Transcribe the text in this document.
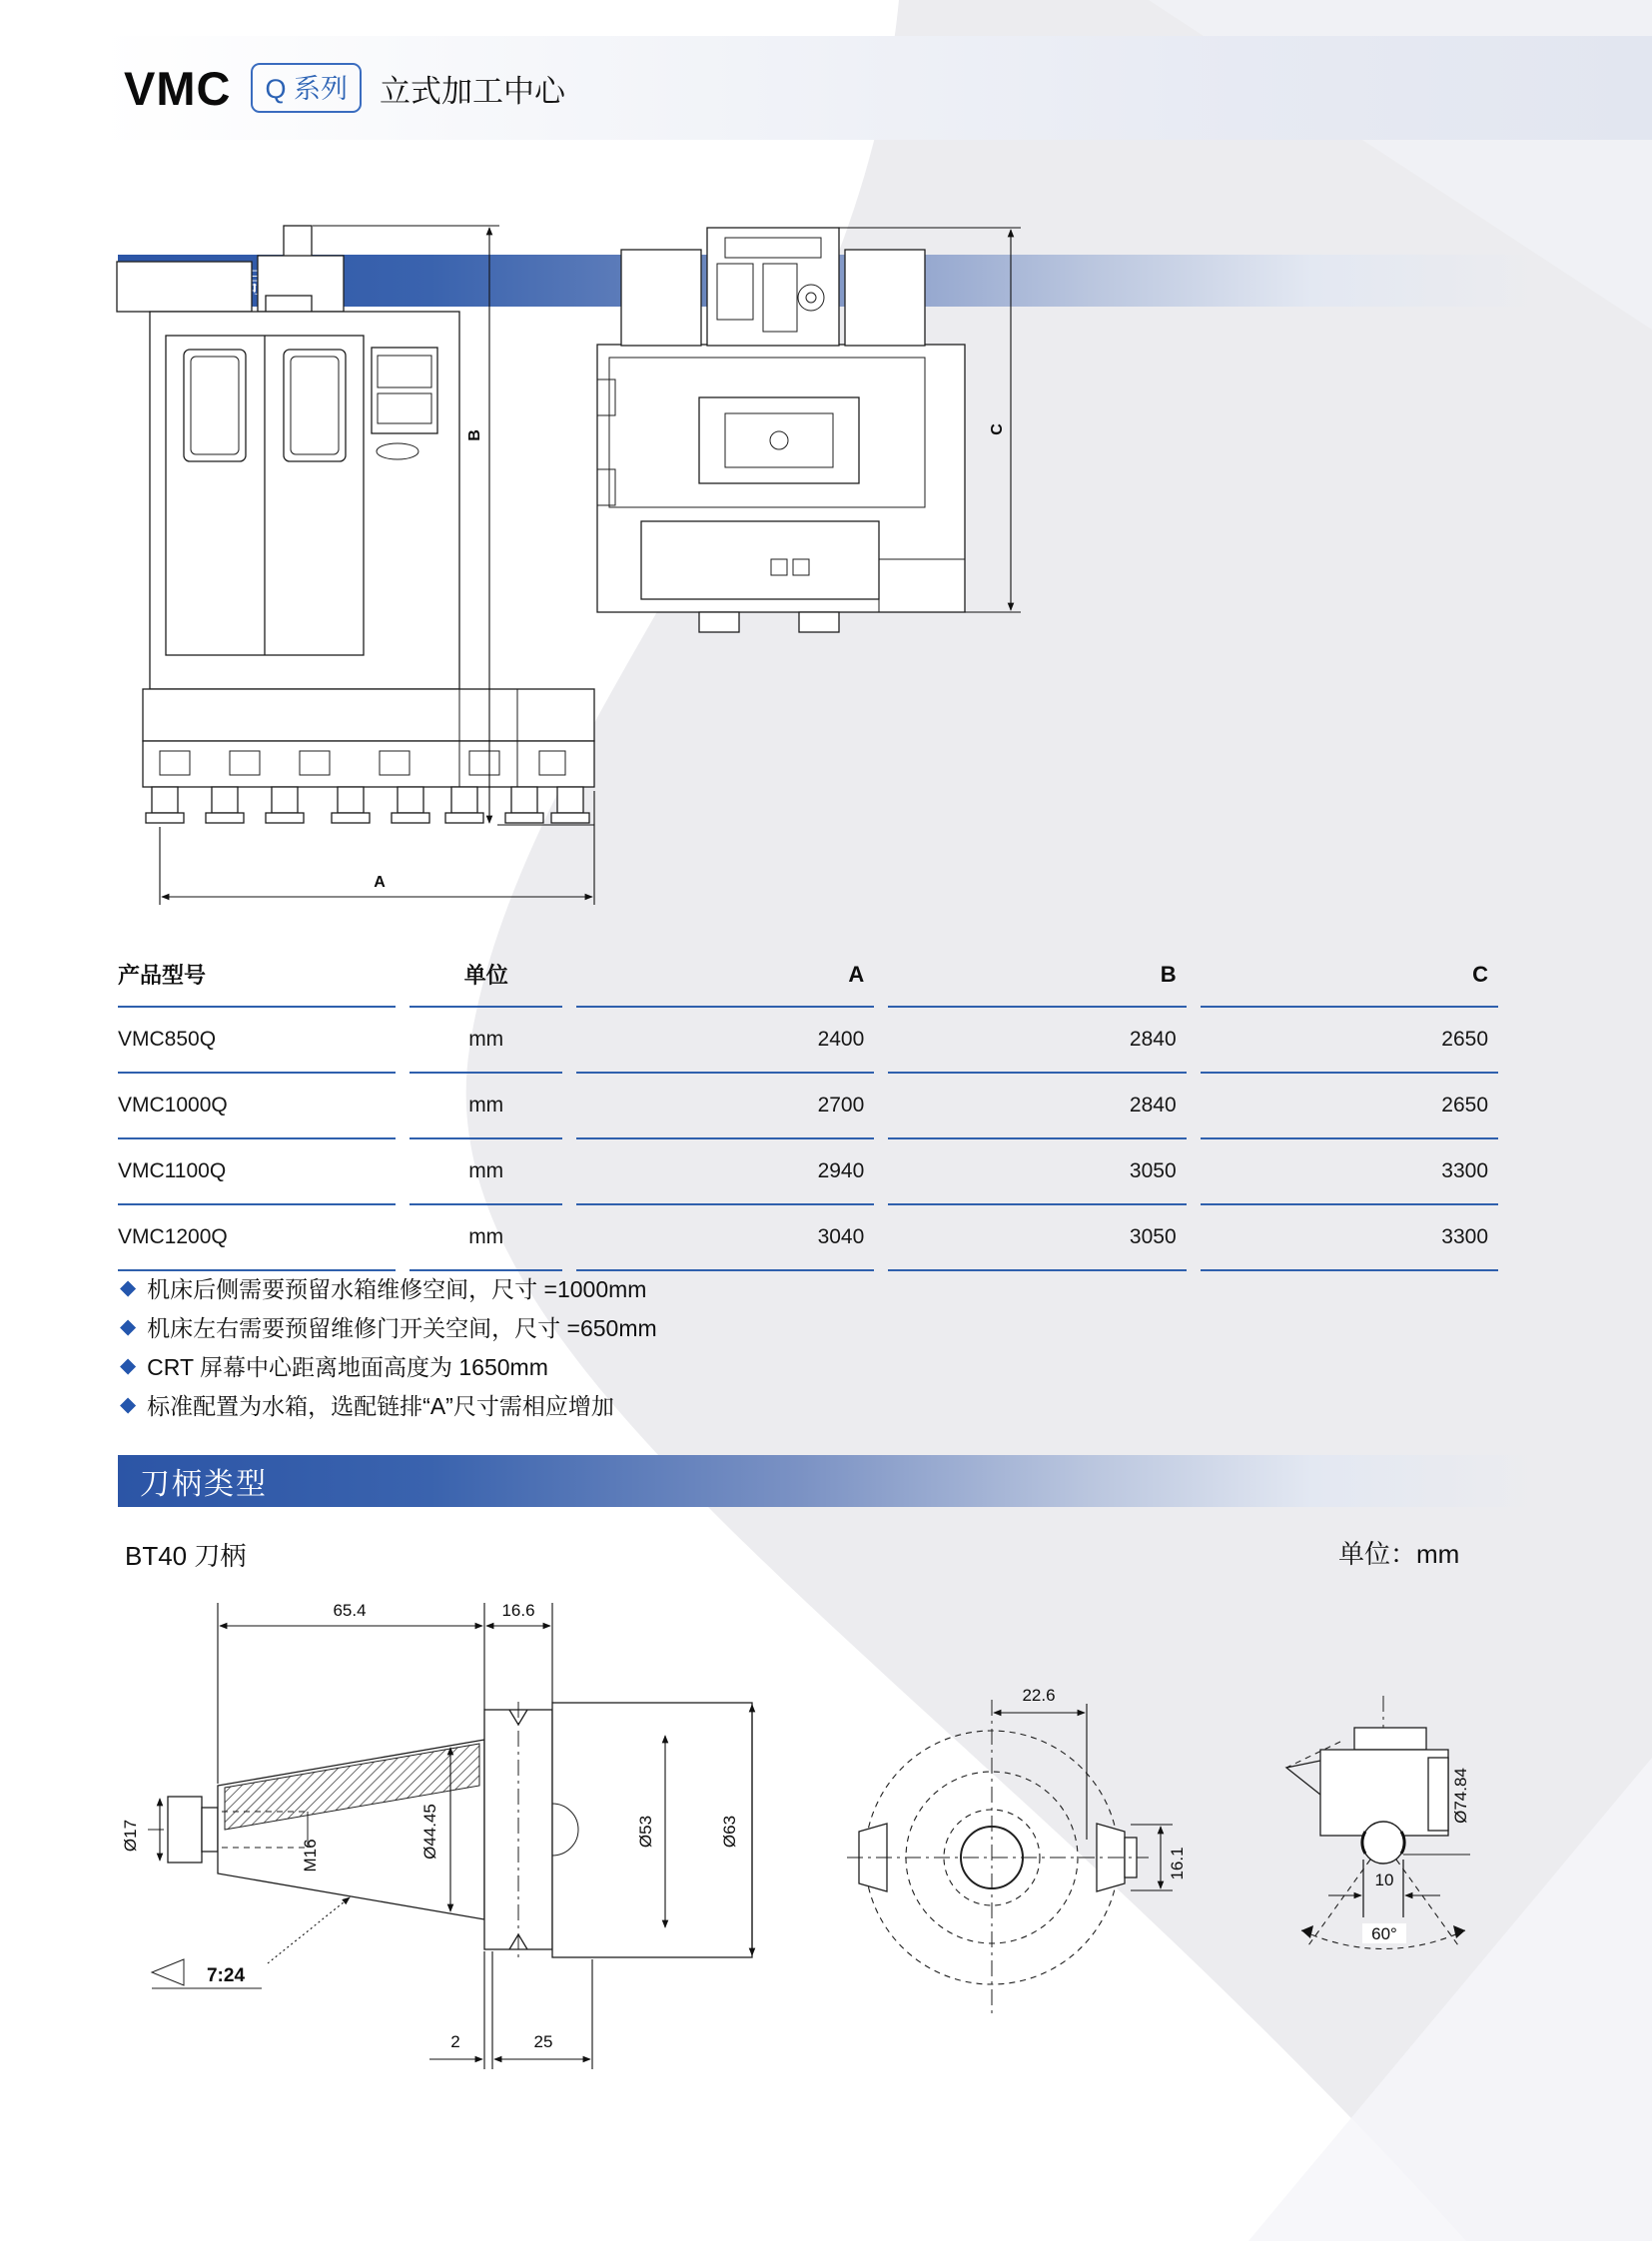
VMC	Q 系列	立式加工中心
B
A
C
65.4	16.6
Ø17
M16	Ø44.45	Ø53	Ø63
7:24
2	25
22.6
16.1	10
60°
Ø74.84
产品型号	单位	A	B	C
VMC850Q	mm	2400	2840	2650
VMC1000Q	mm	2700	2840	2650
VMC1100Q	mm	2940	3050	3300
VMC1200Q	mm	3040	3050	3300
◆ 机床后侧需要预留水箱维修空间，尺寸 =1000mm
◆ 机床左右需要预留维修门开关空间，尺寸 =650mm
◆ CRT 屏幕中心距离地面高度为 1650mm
◆ 标准配置为水箱，选配链排“A”尺寸需相应增加
刀柄类型
BT40 刀柄	单位：mm
